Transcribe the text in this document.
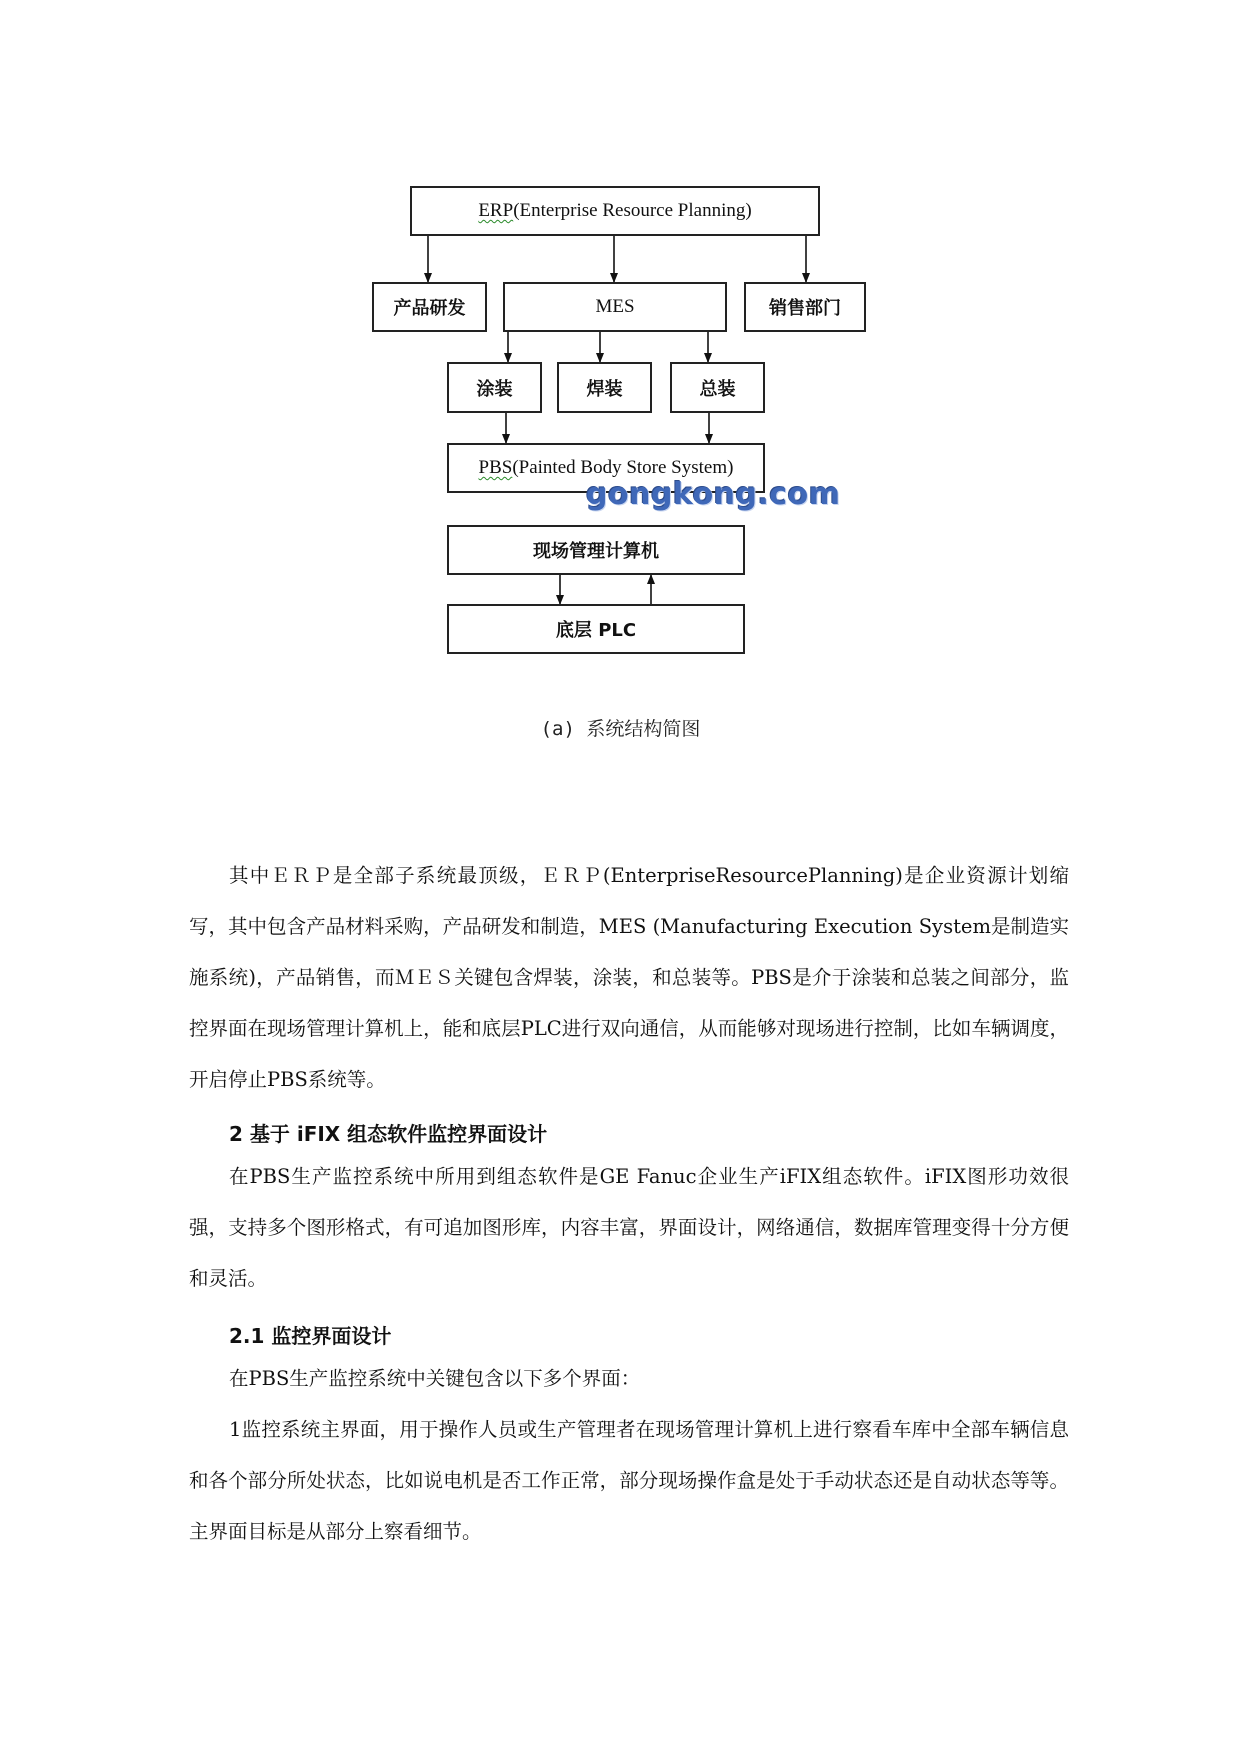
ERP (Enterprise Resource Planning)
产品研发	MES	销售部门
涂装	焊装	总装
PBS (Painted Body Store System)
gongkong.com
现场管理计算机
底层 PLC
(a) 系统结构简图

其中ＥＲＰ是全部子系统最顶级，ＥＲＰ(EnterpriseResourcePlanning)是企业资源计划缩写，其中包含产品材料采购，产品研发和制造，MES (Manufacturing Execution System是制造实施系统)，产品销售，而ＭＥＳ关键包含焊装，涂装，和总装等。PBS是介于涂装和总装之间部分，监控界面在现场管理计算机上，能和底层PLC进行双向通信，从而能够对现场进行控制，比如车辆调度，开启停止PBS系统等。

2 基于 iFIX 组态软件监控界面设计

在PBS生产监控系统中所用到组态软件是GE Fanuc企业生产iFIX组态软件。iFIX图形功效很强，支持多个图形格式，有可追加图形库，内容丰富，界面设计，网络通信，数据库管理变得十分方便和灵活。

2.1 监控界面设计

在PBS生产监控系统中关键包含以下多个界面：

1监控系统主界面，用于操作人员或生产管理者在现场管理计算机上进行察看车库中全部车辆信息和各个部分所处状态，比如说电机是否工作正常，部分现场操作盒是处于手动状态还是自动状态等等。主界面目标是从部分上察看细节。
